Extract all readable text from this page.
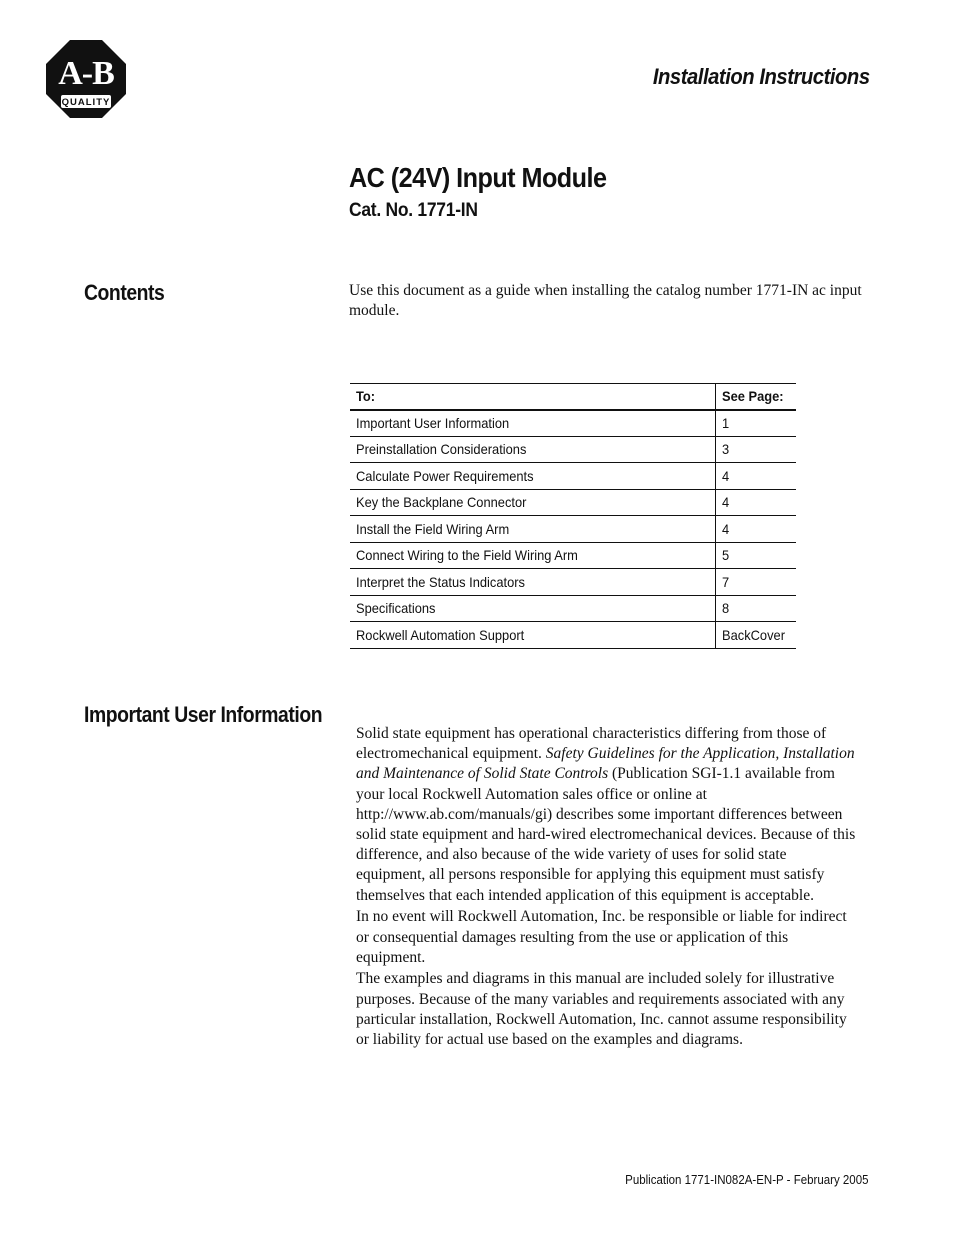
A-B
QUALITY
Installation Instructions
AC (24V) Input Module
Cat. No. 1771-IN
Contents	Use this document as a guide when installing the catalog number 1771-IN ac input module.
To:	See Page:
Important User Information	1
Preinstallation Considerations	3
Calculate Power Requirements	4
Key the Backplane Connector	4
Install the Field Wiring Arm	4
Connect Wiring to the Field Wiring Arm	5
Interpret the Status Indicators	7
Specifications	8
Rockwell Automation Support	BackCover
Important User Information

Solid state equipment has operational characteristics differing from those of electromechanical equipment. Safety Guidelines for the Application, Installation and Maintenance of Solid State Controls (Publication SGI-1.1 available from your local Rockwell Automation sales office or online at http://www.ab.com/manuals/gi) describes some important differences between solid state equipment and hard-wired electromechanical devices. Because of this difference, and also because of the wide variety of uses for solid state equipment, all persons responsible for applying this equipment must satisfy themselves that each intended application of this equipment is acceptable.

In no event will Rockwell Automation, Inc. be responsible or liable for indirect or consequential damages resulting from the use or application of this equipment.

The examples and diagrams in this manual are included solely for illustrative purposes. Because of the many variables and requirements associated with any particular installation, Rockwell Automation, Inc. cannot assume responsibility or liability for actual use based on the examples and diagrams.

Publication 1771-IN082A-EN-P - February 2005
